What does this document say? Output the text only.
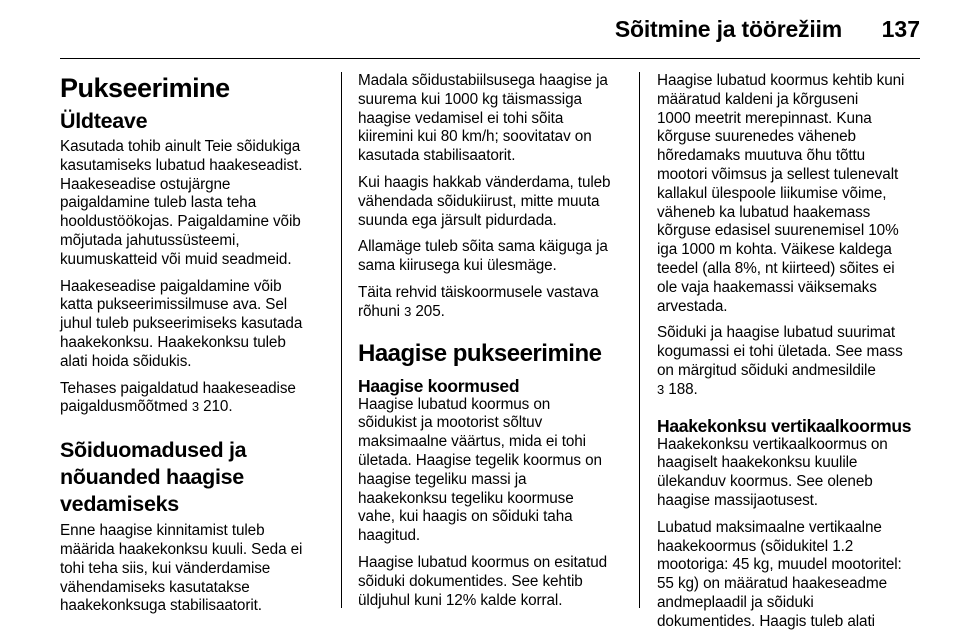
Sõitmine ja töörežiim 137
Pukseerimine
Üldteave

Kasutada tohib ainult Teie sõidukiga
kasutamiseks lubatud haakeseadist.
Haakeseadise ostujärgne
paigaldamine tuleb lasta teha
hooldustöökojas. Paigaldamine võib
mõjutada jahutussüsteemi,
kuumuskatteid või muid seadmeid.

Haakeseadise paigaldamine võib
katta pukseerimissilmuse ava. Sel
juhul tuleb pukseerimiseks kasutada
haakekonksu. Haakekonksu tuleb
alati hoida sõidukis.

Tehases paigaldatud haakeseadise
paigaldusmõõtmed 3 210.

Sõiduomadused ja
nõuanded haagise
vedamiseks

Enne haagise kinnitamist tuleb
määrida haakekonksu kuuli. Seda ei
tohi teha siis, kui vänderdamise
vähendamiseks kasutatakse
haakekonksuga stabilisaatorit.

Madala sõidustabiilsusega haagise ja
suurema kui 1000 kg täismassiga
haagise vedamisel ei tohi sõita
kiiremini kui 80 km/h; soovitatav on
kasutada stabilisaatorit.

Kui haagis hakkab vänderdama, tuleb
vähendada sõidukiirust, mitte muuta
suunda ega järsult pidurdada.

Allamäge tuleb sõita sama käiguga ja
sama kiirusega kui ülesmäge.

Täita rehvid täiskoormusele vastava
rõhuni 3 205.

Haagise pukseerimine
Haagise koormused

Haagise lubatud koormus on
sõidukist ja mootorist sõltuv
maksimaalne väärtus, mida ei tohi
ületada. Haagise tegelik koormus on
haagise tegeliku massi ja
haakekonksu tegeliku koormuse
vahe, kui haagis on sõiduki taha
haagitud.

Haagise lubatud koormus on esitatud
sõiduki dokumentides. See kehtib
üldjuhul kuni 12% kalde korral.

Haagise lubatud koormus kehtib kuni
määratud kaldeni ja kõrguseni
1000 meetrit merepinnast. Kuna
kõrguse suurenedes väheneb
hõredamaks muutuva õhu tõttu
mootori võimsus ja sellest tulenevalt
kallakul ülespoole liikumise võime,
väheneb ka lubatud haakemass
kõrguse edasisel suurenemisel 10%
iga 1000 m kohta. Väikese kaldega
teedel (alla 8%, nt kiirteed) sõites ei
ole vaja haakemassi väiksemaks
arvestada.

Sõiduki ja haagise lubatud suurimat
kogumassi ei tohi ületada. See mass
on märgitud sõiduki andmesildile
3 188.

Haakekonksu vertikaalkoormus

Haakekonksu vertikaalkoormus on
haagiselt haakekonksu kuulile
ülekanduv koormus. See oleneb
haagise massijaotusest.

Lubatud maksimaalne vertikaalne
haakekoormus (sõidukitel 1.2
mootoriga: 45 kg, muudel mootoritel:
55 kg) on määratud haakeseadme
andmeplaadil ja sõiduki
dokumentides. Haagis tuleb alati
